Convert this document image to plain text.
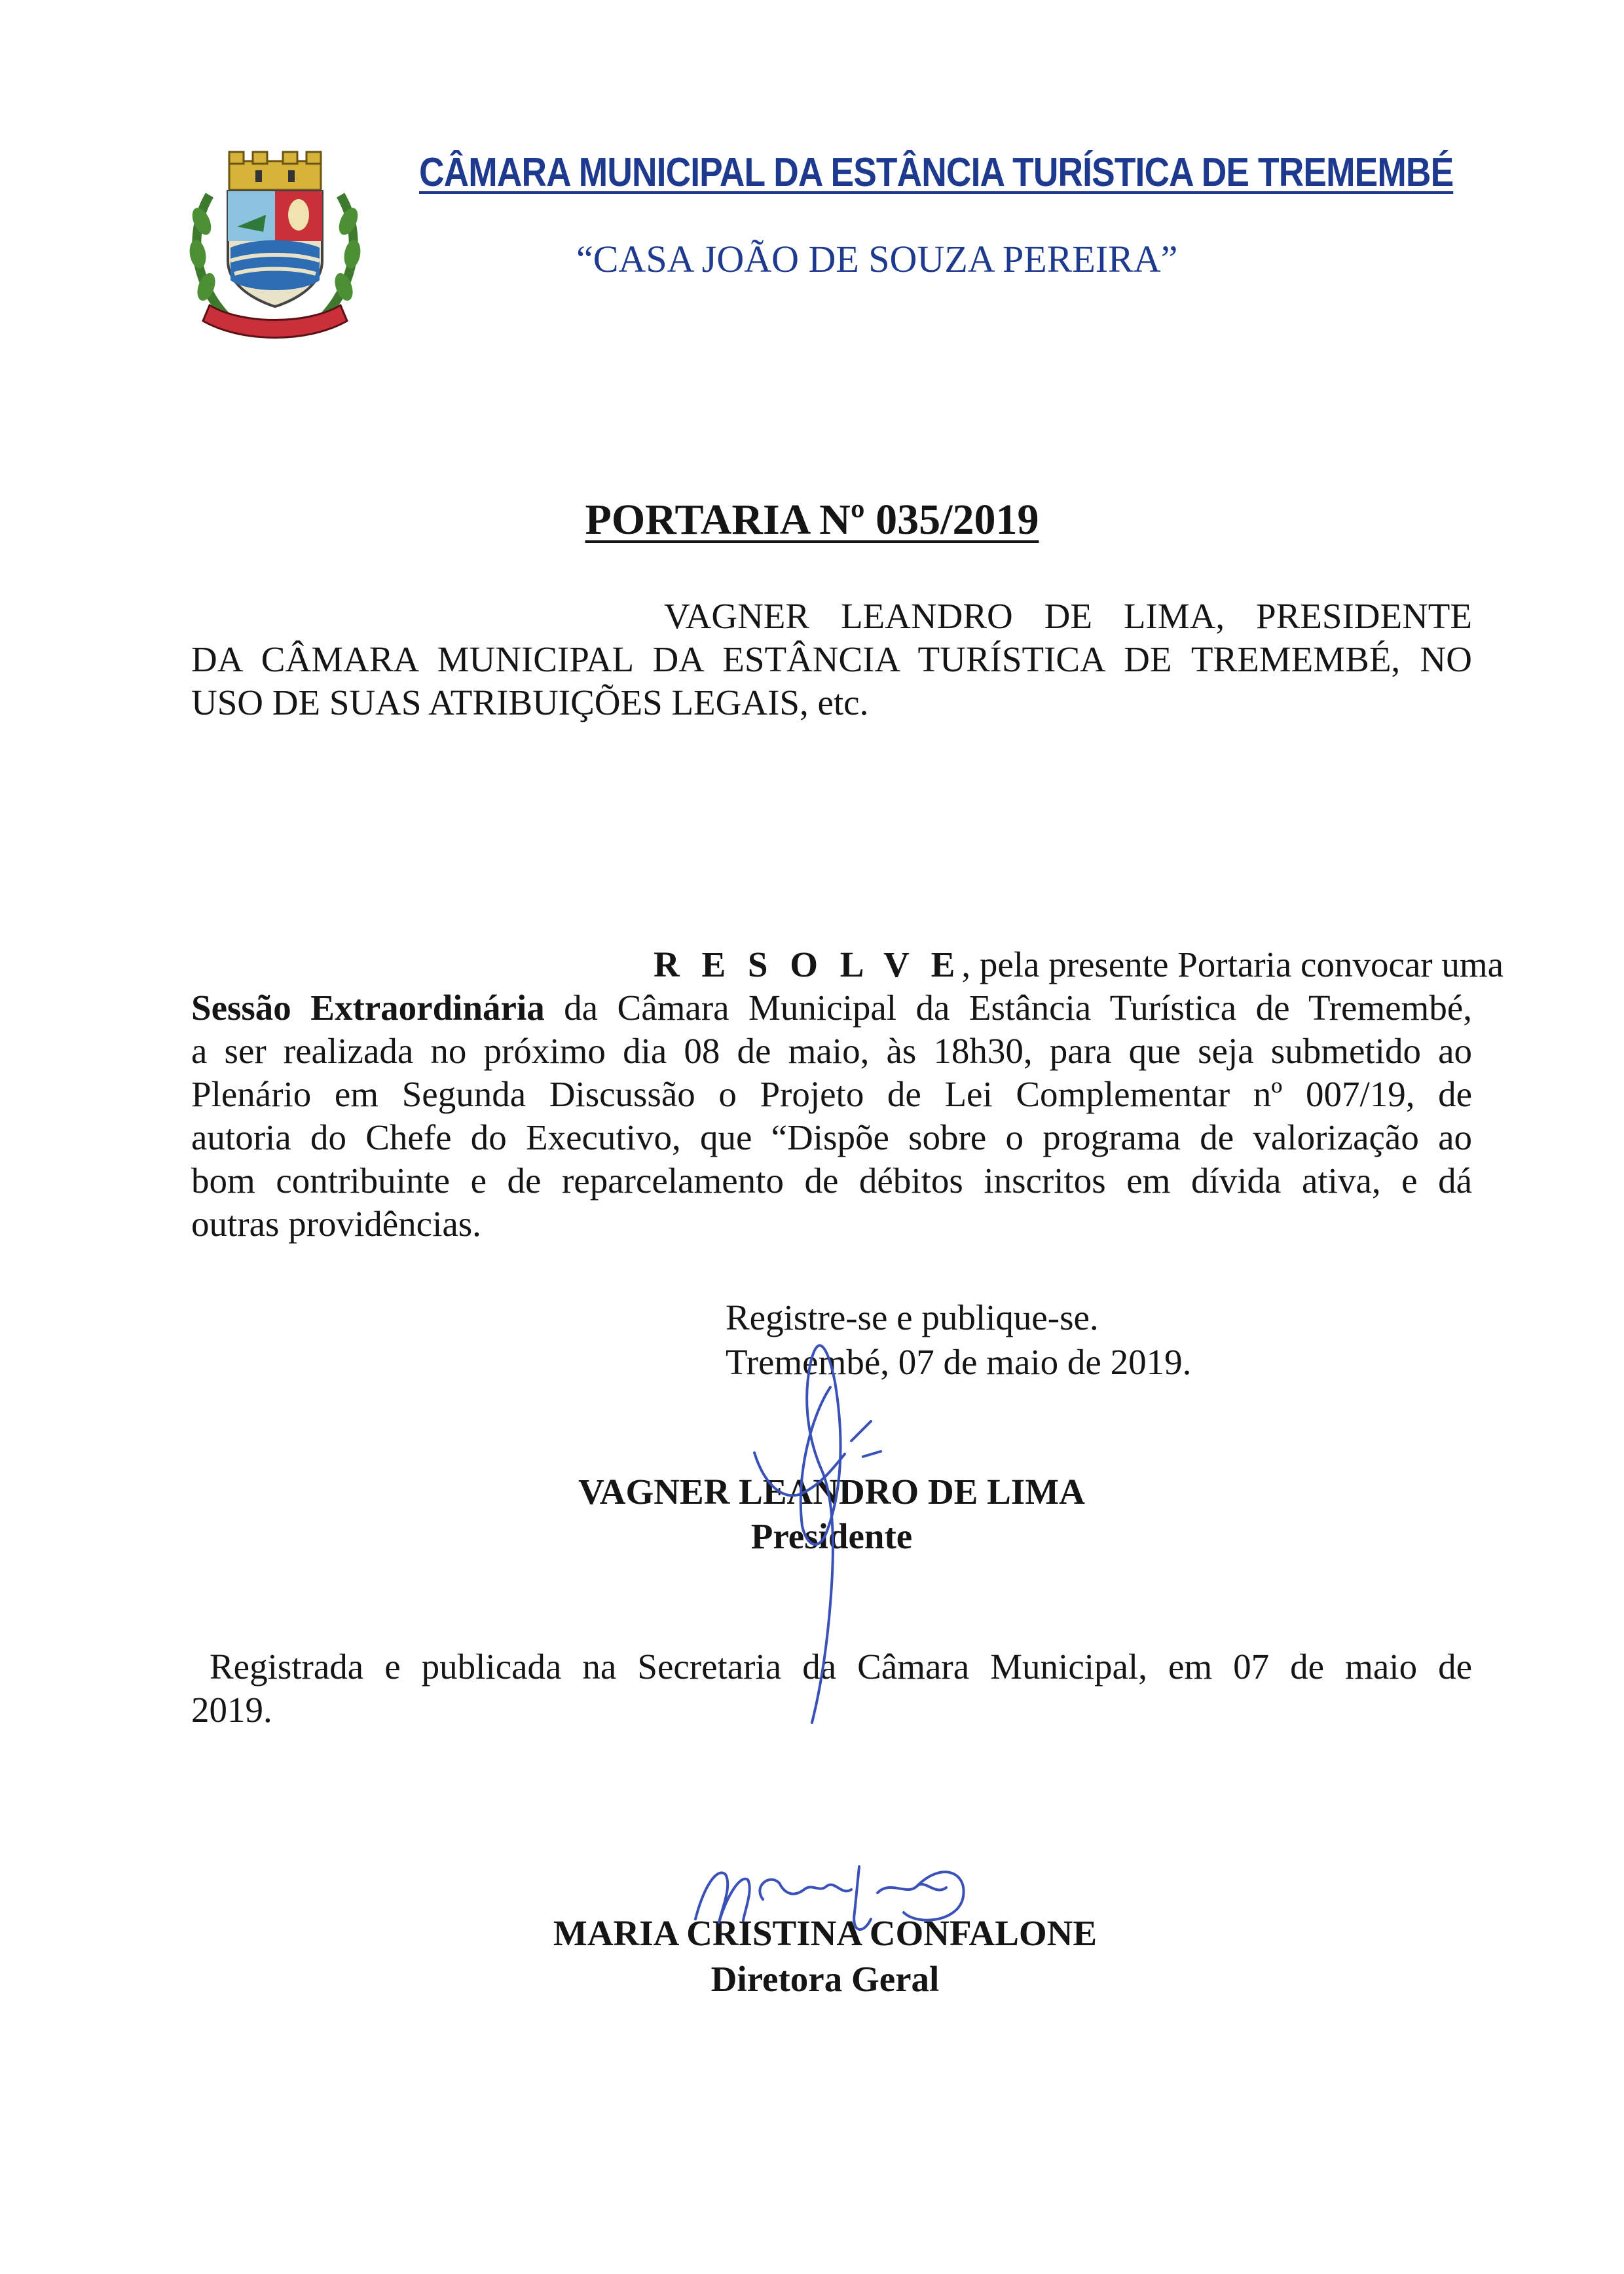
CÂMARA MUNICIPAL DA ESTÂNCIA TURÍSTICA DE TREMEMBÉ
“CASA JOÃO DE SOUZA PEREIRA”
PORTARIA Nº 035/2019
VAGNER LEANDRO DE LIMA, PRESIDENTE
DA CÂMARA MUNICIPAL DA ESTÂNCIA TURÍSTICA DE TREMEMBÉ, NO
USO DE SUAS ATRIBUIÇÕES LEGAIS, etc.
R E S O L V E, pela presente Portaria convocar uma
Sessão Extraordinária da Câmara Municipal da Estância Turística de Tremembé,
a ser realizada no próximo dia 08 de maio, às 18h30, para que seja submetido ao
Plenário em Segunda Discussão o Projeto de Lei Complementar nº 007/19, de
autoria do Chefe do Executivo, que “Dispõe sobre o programa de valorização ao
bom contribuinte e de reparcelamento de débitos inscritos em dívida ativa, e dá
outras providências.
Registre-se e publique-se.
Tremembé, 07 de maio de 2019.
VAGNER LEANDRO DE LIMA
Presidente
Registrada e publicada na Secretaria da Câmara Municipal, em 07 de maio de
2019.
MARIA CRISTINA CONFALONE
Diretora Geral
